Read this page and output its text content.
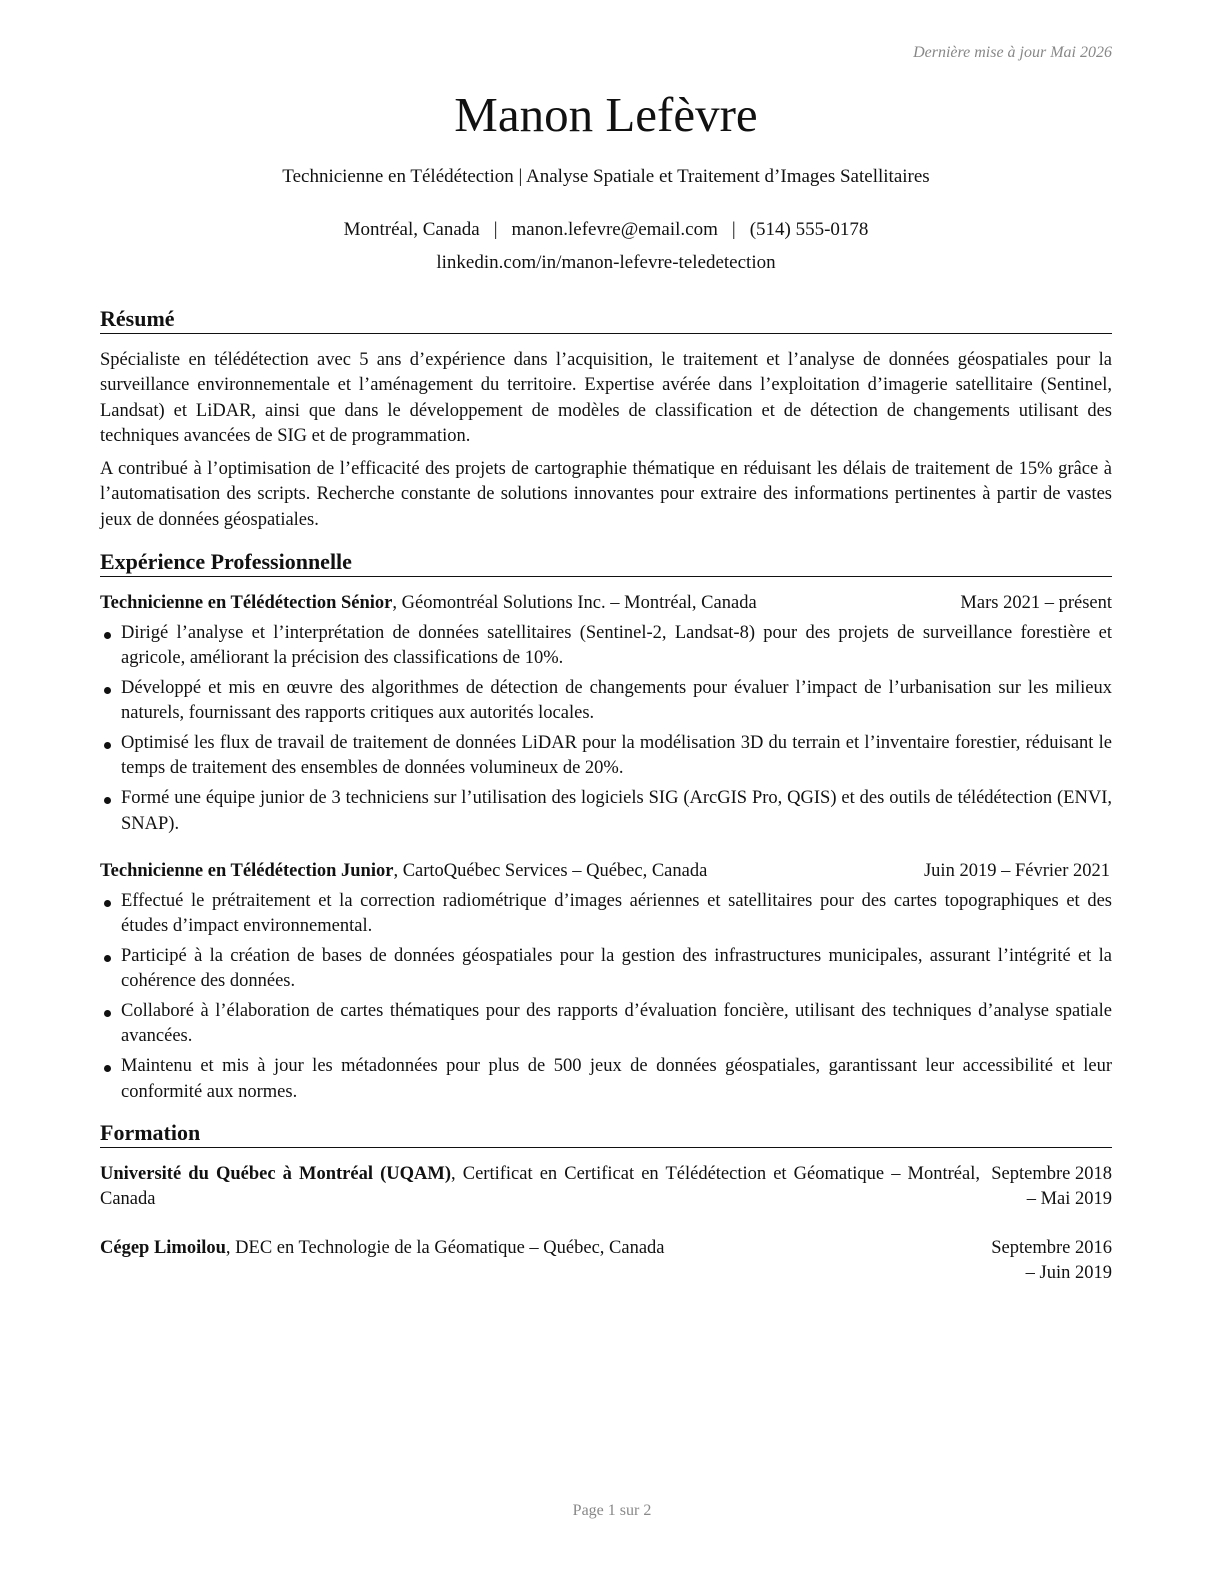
Dernière mise à jour Mai 2026
Manon Lefèvre
Technicienne en Télédétection | Analyse Spatiale et Traitement d’Images Satellitaires
Montréal, Canada | manon.lefevre@email.com | (514) 555-0178
linkedin.com/in/manon-lefevre-teledetection
Résumé
Spécialiste en télédétection avec 5 ans d’expérience dans l’acquisition, le traitement et l’analyse de données géospatiales pour la surveillance environnementale et l’aménagement du territoire. Expertise avérée dans l’exploitation d’imagerie satellitaire (Sentinel, Landsat) et LiDAR, ainsi que dans le développement de modèles de classification et de détection de changements utilisant des techniques avancées de SIG et de programmation.
A contribué à l’optimisation de l’efficacité des projets de cartographie thématique en réduisant les délais de traitement de 15% grâce à l’automatisation des scripts. Recherche constante de solutions innovantes pour extraire des informations pertinentes à partir de vastes jeux de données géospatiales.
Expérience Professionnelle
Technicienne en Télédétection Sénior, Géomontréal Solutions Inc. – Montréal, Canada	Mars 2021 – présent
Dirigé l’analyse et l’interprétation de données satellitaires (Sentinel-2, Landsat-8) pour des projets de surveillance forestière et agricole, améliorant la précision des classifications de 10%.
Développé et mis en œuvre des algorithmes de détection de changements pour évaluer l’impact de l’urbanisation sur les milieux naturels, fournissant des rapports critiques aux autorités locales.
Optimisé les flux de travail de traitement de données LiDAR pour la modélisation 3D du terrain et l’inventaire forestier, réduisant le temps de traitement des ensembles de données volumineux de 20%.
Formé une équipe junior de 3 techniciens sur l’utilisation des logiciels SIG (ArcGIS Pro, QGIS) et des outils de télédétection (ENVI, SNAP).
Technicienne en Télédétection Junior, CartoQuébec Services – Québec, Canada	Juin 2019 – Février 2021
Effectué le prétraitement et la correction radiométrique d’images aériennes et satellitaires pour des cartes topographiques et des études d’impact environnemental.
Participé à la création de bases de données géospatiales pour la gestion des infrastructures municipales, assurant l’intégrité et la cohérence des données.
Collaboré à l’élaboration de cartes thématiques pour des rapports d’évaluation foncière, utilisant des techniques d’analyse spatiale avancées.
Maintenu et mis à jour les métadonnées pour plus de 500 jeux de données géospatiales, garantissant leur accessibilité et leur conformité aux normes.
Formation
Université du Québec à Montréal (UQAM), Certificat en Certificat en Télédétection et Géomatique – Montréal, Canada
Septembre 2018 – Mai 2019
Cégep Limoilou, DEC en Technologie de la Géomatique – Québec, Canada	Septembre 2016 – Juin 2019
Page 1 sur 2
